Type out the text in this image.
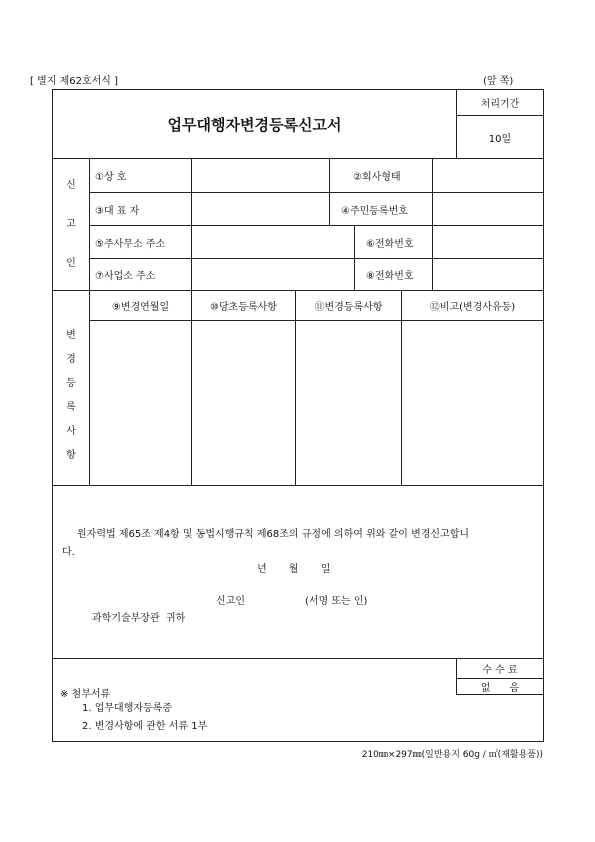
[ 별지 제62호서식 ]	(앞 쪽)
업무대행자변경등록신고서
처리기간
10일
신
고
인
①상 호	②회사형태
③대 표 자	④주민등록번호
⑤주사무소 주소	⑥전화번호
⑦사업소 주소	⑧전화번호
변
경
등
록
사
항
⑨변경연월일	⑩당초등록사항	⑪변경등록사항	⑫비고(변경사유등)
원자력법 제65조 제4항 및 동법시행규칙 제68조의 규정에 의하여 위와 같이 변경신고합니
다.
년       월       일
신고인	(서명 또는 인)
과학기술부장관  귀하
수 수 료
없      음
※ 첨부서류
1. 업무대행자등록증
2. 변경사항에 관한 서류 1부
210㎜×297㎜(일반용지 60g / ㎡(재활용품))
